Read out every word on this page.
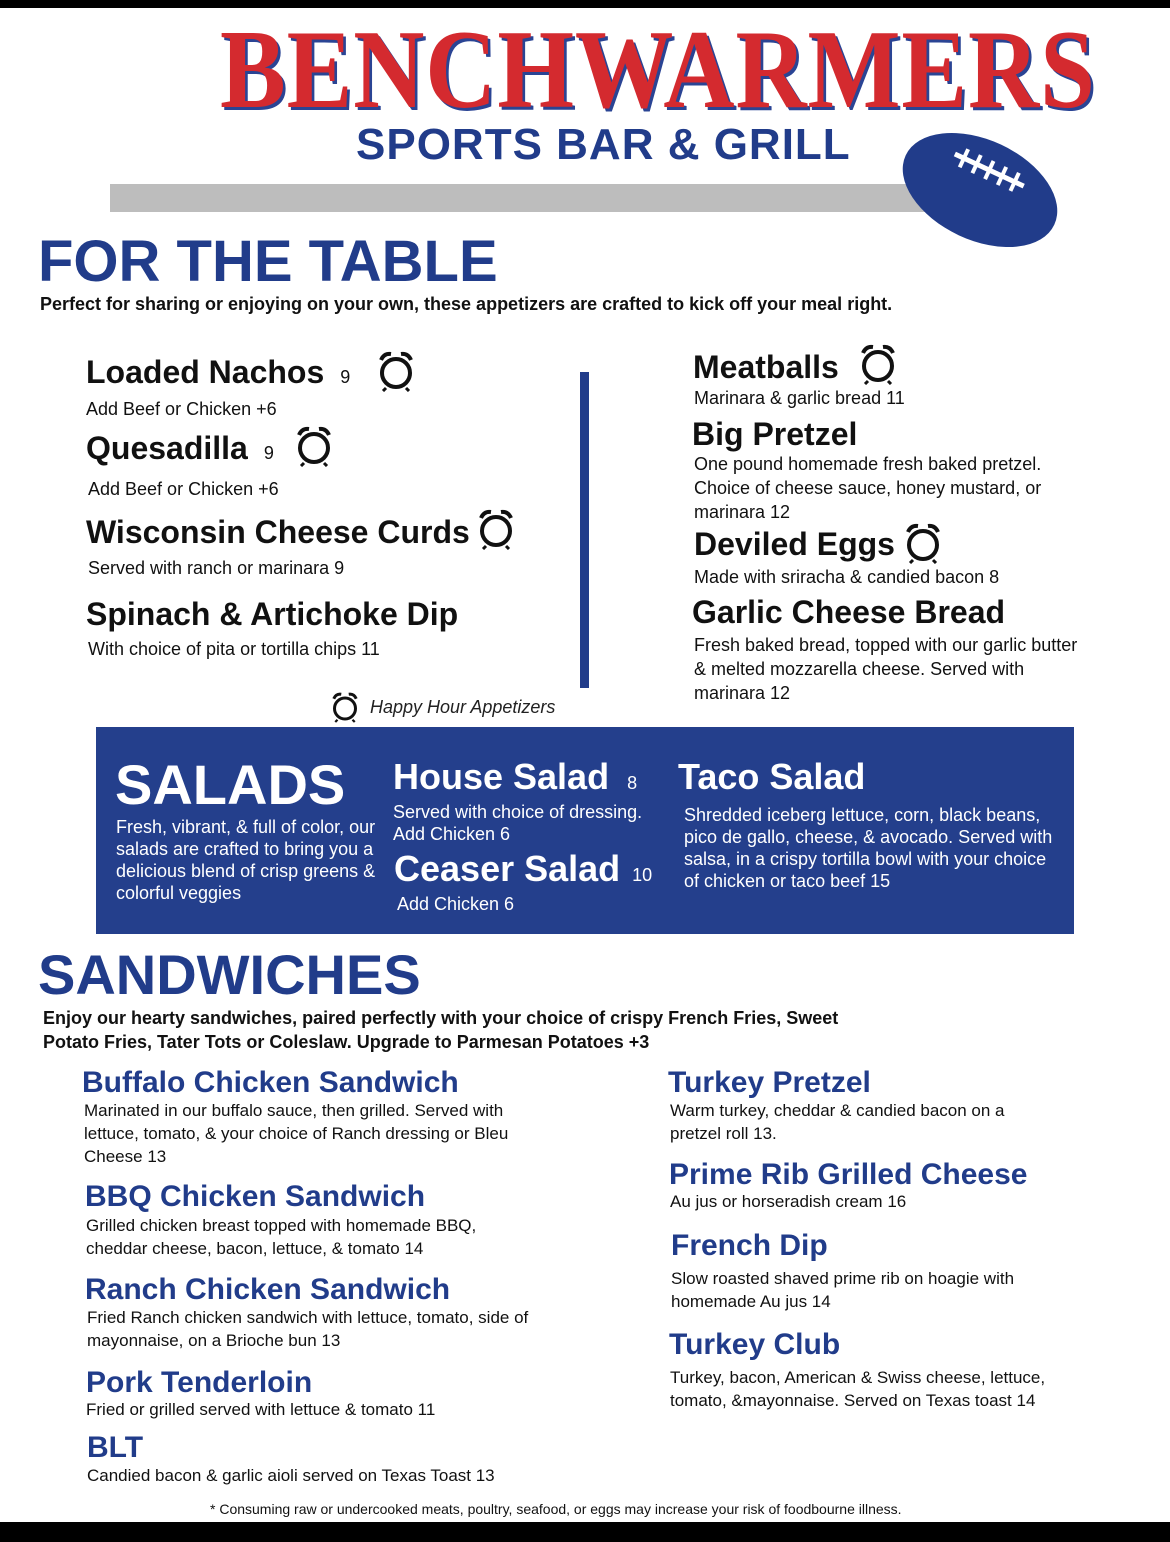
BENCHWARMERS
SPORTS BAR & GRILL
FOR THE TABLE
Perfect for sharing or enjoying on your own, these appetizers are crafted to kick off your meal right.
Loaded Nachos 9
Add Beef or Chicken +6
Quesadilla 9
Add Beef or Chicken +6
Wisconsin Cheese Curds
Served with ranch or marinara 9
Spinach & Artichoke Dip
With choice of pita or tortilla chips 11
Meatballs
Marinara & garlic bread 11
Big Pretzel
One pound homemade fresh baked pretzel. Choice of cheese sauce, honey mustard, or marinara 12
Deviled Eggs
Made with sriracha & candied bacon 8
Garlic Cheese Bread
Fresh baked bread, topped with our garlic butter & melted mozzarella cheese. Served with marinara 12
Happy Hour Appetizers
SALADS
Fresh, vibrant, & full of color, our salads are crafted to bring you a delicious blend of crisp greens & colorful veggies
House Salad 8
Served with choice of dressing. Add Chicken 6
Ceaser Salad 10
Add Chicken 6
Taco Salad
Shredded iceberg lettuce, corn, black beans, pico de gallo, cheese, & avocado. Served with salsa, in a crispy tortilla bowl with your choice of chicken or taco beef 15
SANDWICHES
Enjoy our hearty sandwiches, paired perfectly with your choice of crispy French Fries, Sweet Potato Fries, Tater Tots or Coleslaw. Upgrade to Parmesan Potatoes +3
Buffalo Chicken Sandwich
Marinated in our buffalo sauce, then grilled. Served with lettuce, tomato, & your choice of Ranch dressing or Bleu Cheese 13
BBQ Chicken Sandwich
Grilled chicken breast topped with homemade BBQ, cheddar cheese, bacon, lettuce, & tomato 14
Ranch Chicken Sandwich
Fried Ranch chicken sandwich with lettuce, tomato, side of mayonnaise, on a Brioche bun 13
Pork Tenderloin
Fried or grilled served with lettuce & tomato 11
BLT
Candied bacon & garlic aioli served on Texas Toast 13
Turkey Pretzel
Warm turkey, cheddar & candied bacon on a pretzel roll 13.
Prime Rib Grilled Cheese
Au jus or horseradish cream 16
French Dip
Slow roasted shaved prime rib on hoagie with homemade Au jus 14
Turkey Club
Turkey, bacon, American & Swiss cheese, lettuce, tomato, &mayonnaise. Served on Texas toast 14
* Consuming raw or undercooked meats, poultry, seafood, or eggs may increase your risk of foodbourne illness.
